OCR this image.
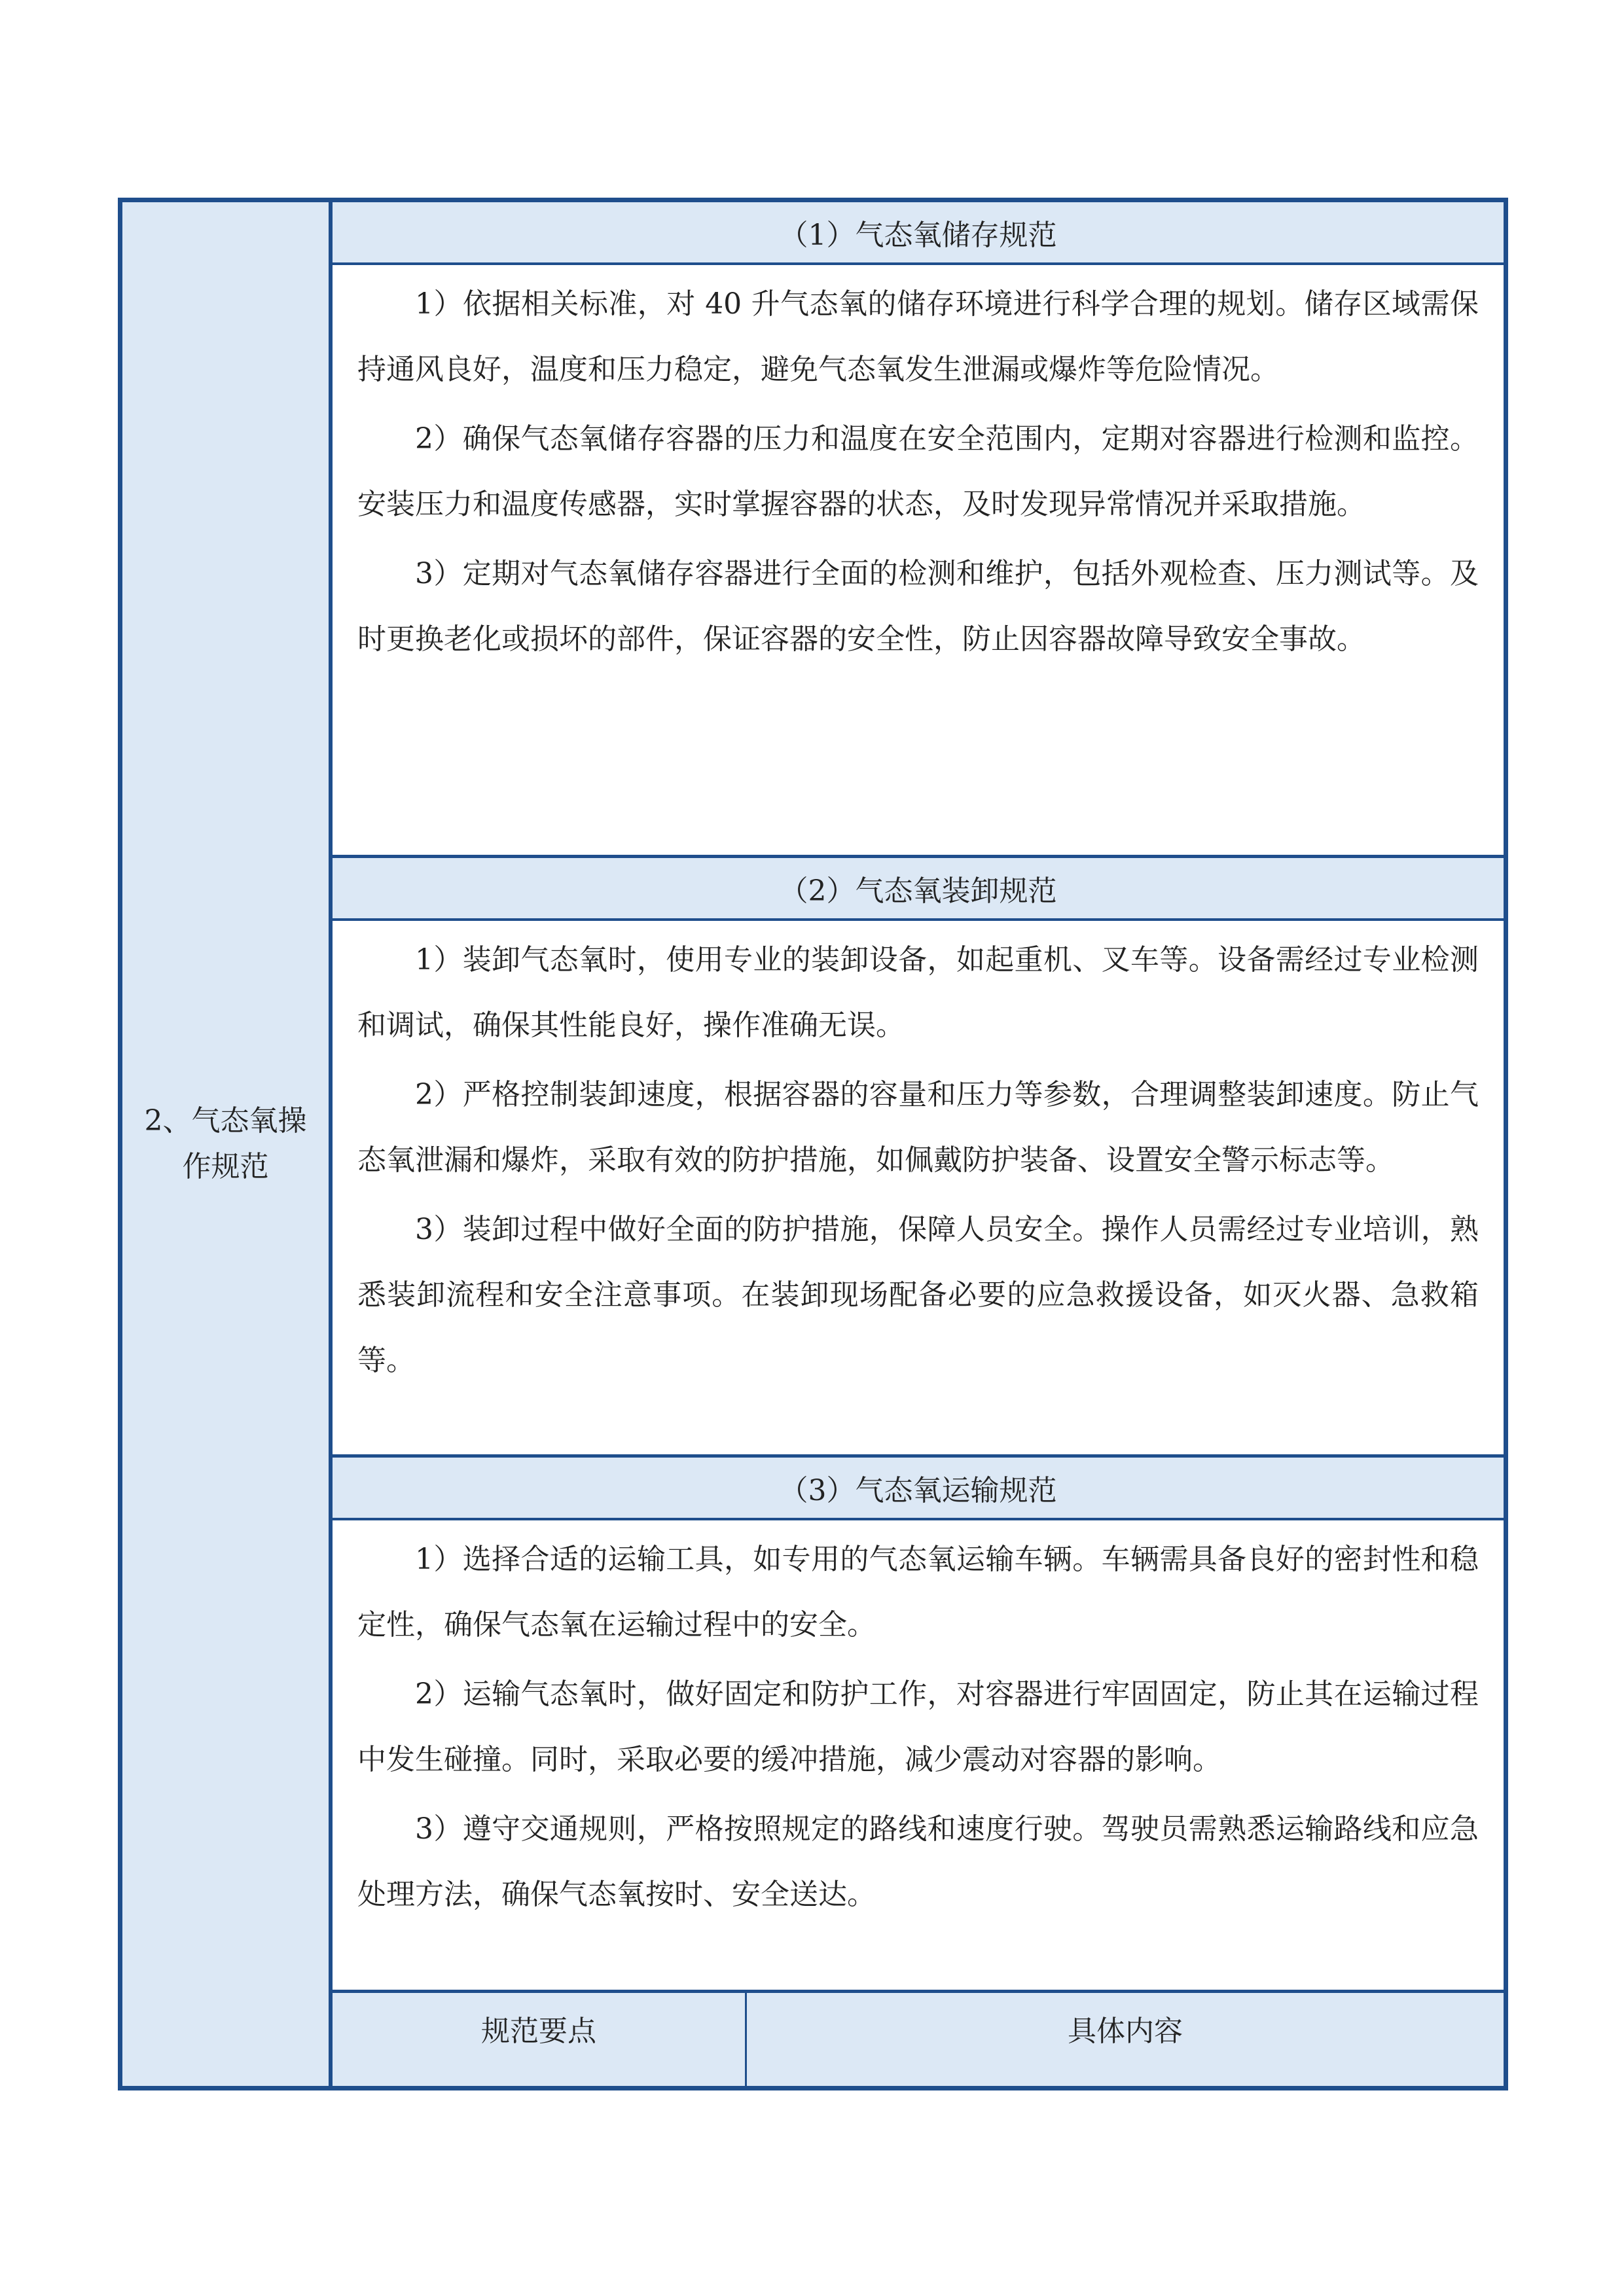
2、气态氧操作规范
（1）气态氧储存规范

1）依据相关标准，对 40 升气态氧的储存环境进行科学合理的规划。储存区域需保持通风良好，温度和压力稳定，避免气态氧发生泄漏或爆炸等危险情况。

2）确保气态氧储存容器的压力和温度在安全范围内，定期对容器进行检测和监控。安装压力和温度传感器，实时掌握容器的状态，及时发现异常情况并采取措施。

3）定期对气态氧储存容器进行全面的检测和维护，包括外观检查、压力测试等。及时更换老化或损坏的部件，保证容器的安全性，防止因容器故障导致安全事故。

（2）气态氧装卸规范

1）装卸气态氧时，使用专业的装卸设备，如起重机、叉车等。设备需经过专业检测和调试，确保其性能良好，操作准确无误。

2）严格控制装卸速度，根据容器的容量和压力等参数，合理调整装卸速度。防止气态氧泄漏和爆炸，采取有效的防护措施，如佩戴防护装备、设置安全警示标志等。

3）装卸过程中做好全面的防护措施，保障人员安全。操作人员需经过专业培训，熟悉装卸流程和安全注意事项。在装卸现场配备必要的应急救援设备，如灭火器、急救箱等。

（3）气态氧运输规范

1）选择合适的运输工具，如专用的气态氧运输车辆。车辆需具备良好的密封性和稳定性，确保气态氧在运输过程中的安全。

2）运输气态氧时，做好固定和防护工作，对容器进行牢固固定，防止其在运输过程中发生碰撞。同时，采取必要的缓冲措施，减少震动对容器的影响。

3）遵守交通规则，严格按照规定的路线和速度行驶。驾驶员需熟悉运输路线和应急处理方法，确保气态氧按时、安全送达。

规范要点	具体内容
